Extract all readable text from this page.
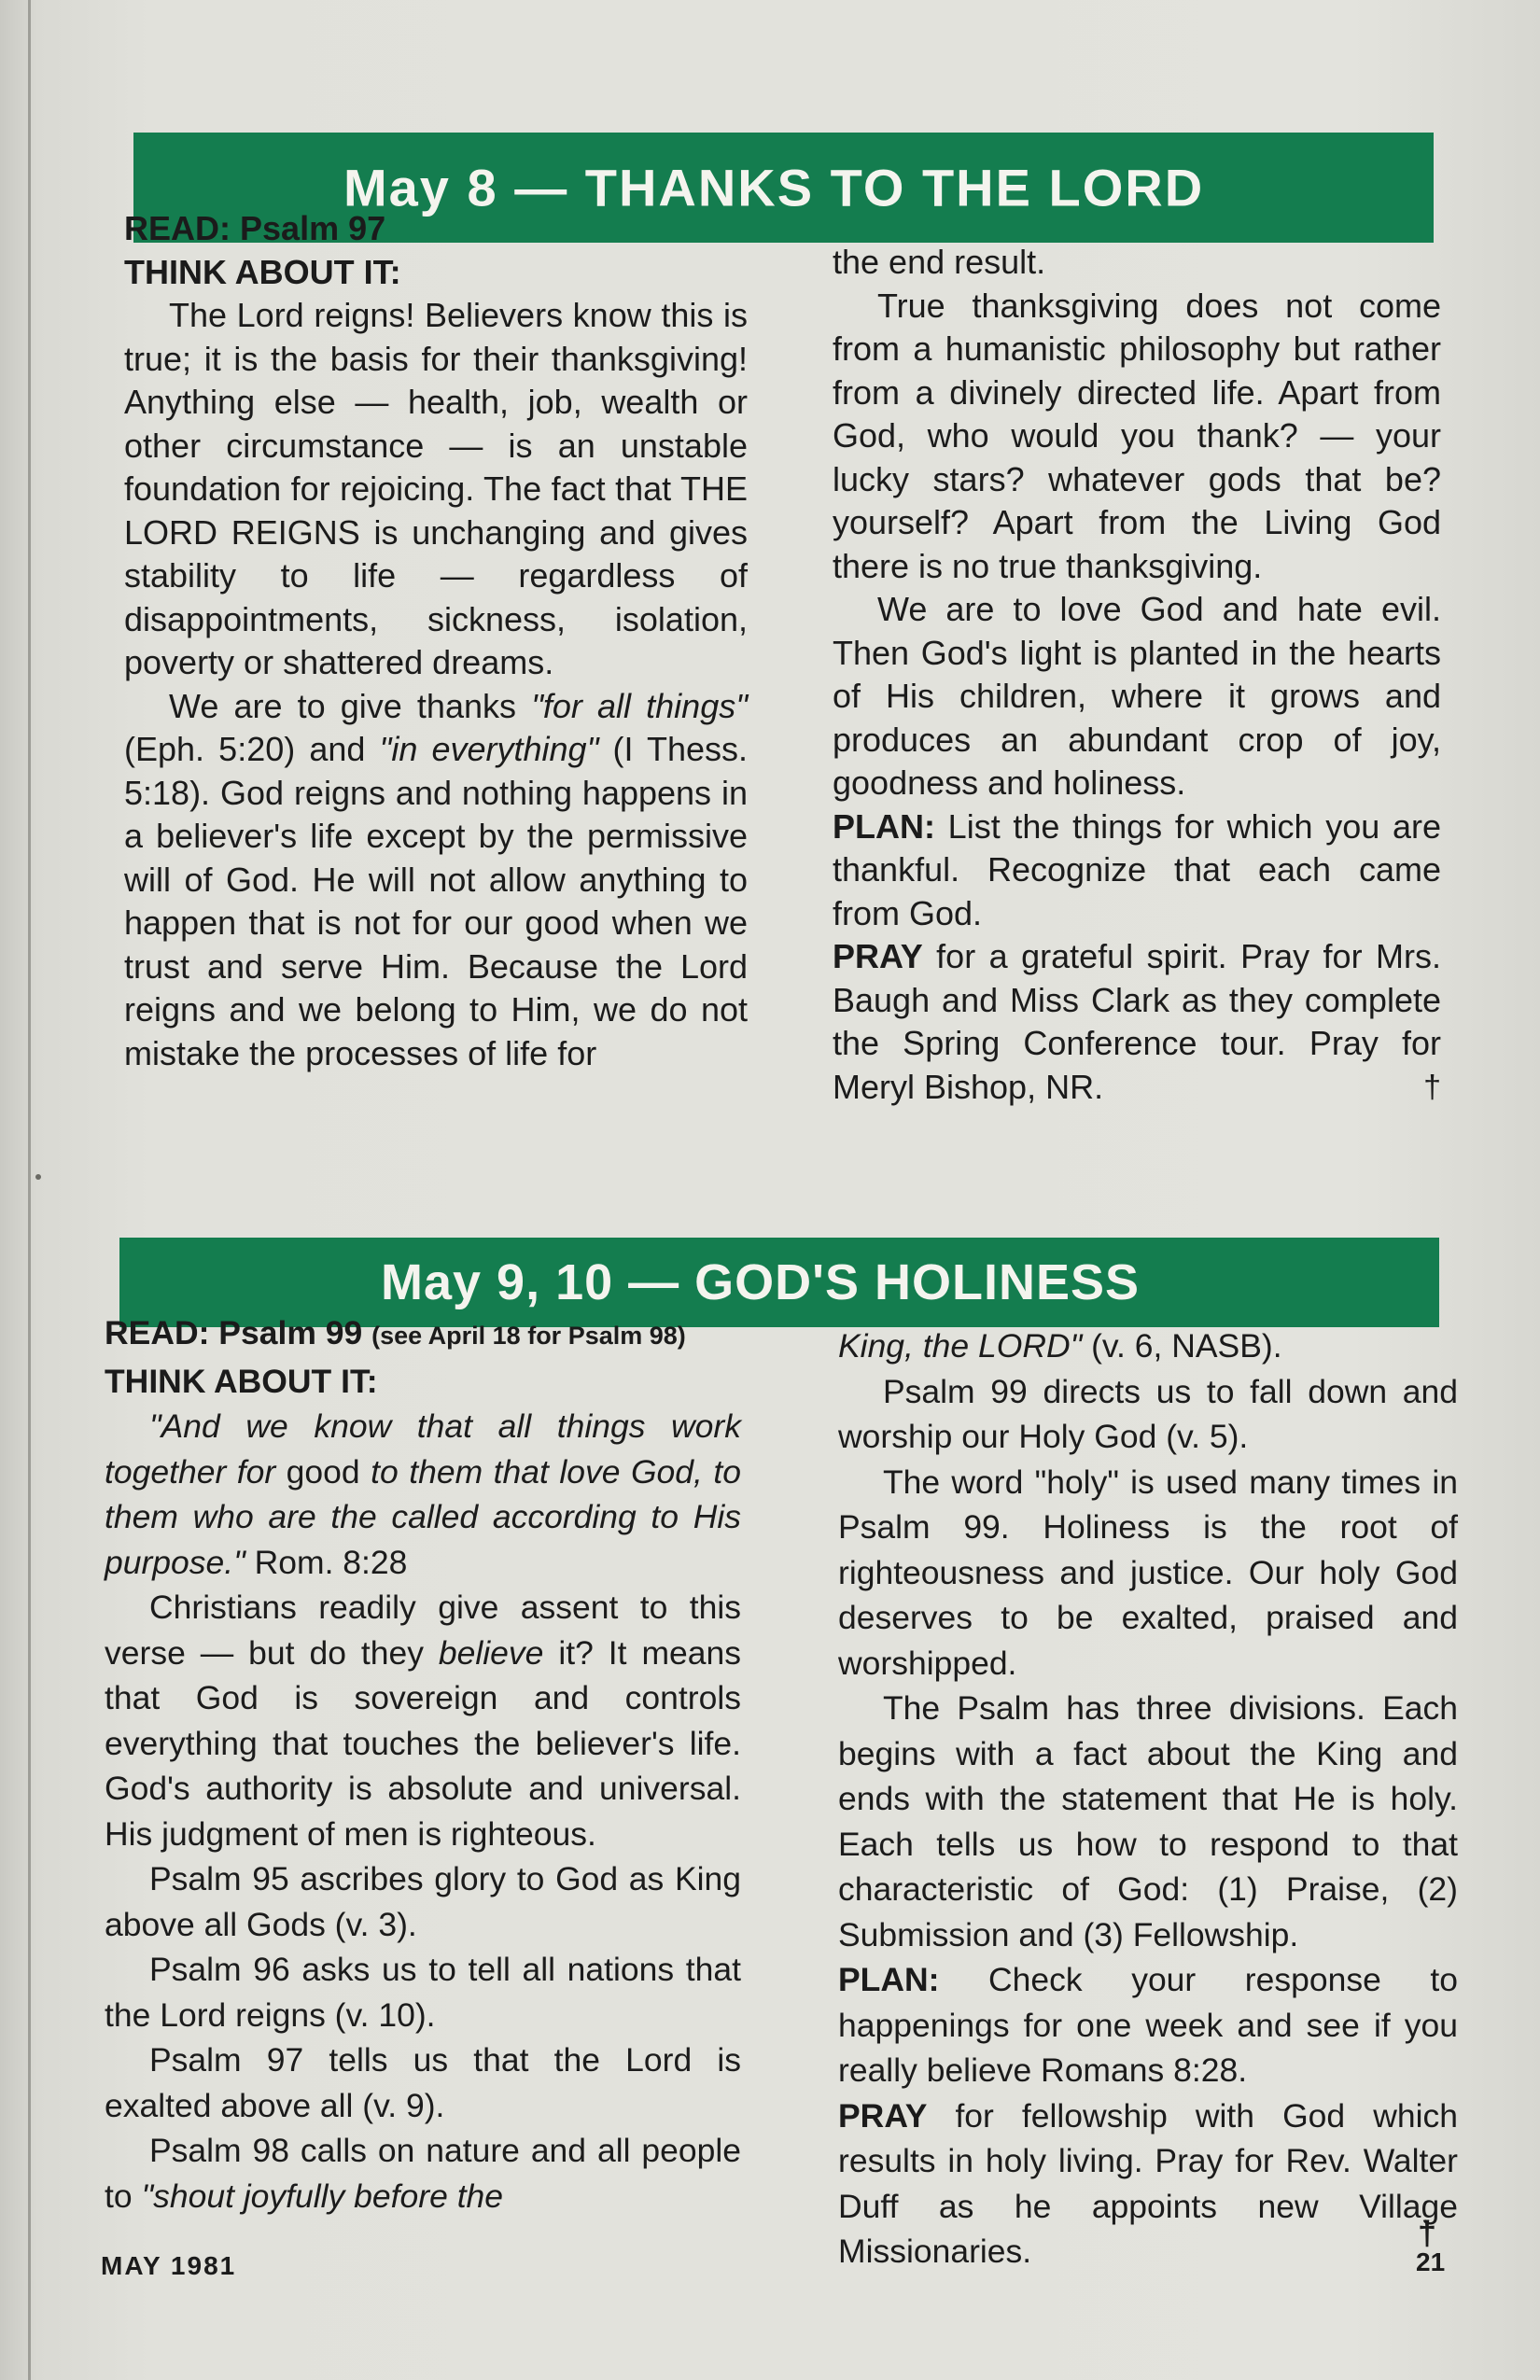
May 8 — THANKS TO THE LORD

READ: Psalm 97

THINK ABOUT IT:

The Lord reigns! Believers know this is true; it is the basis for their thanksgiving! Anything else — health, job, wealth or other circumstance — is an unstable foundation for rejoicing. The fact that THE LORD REIGNS is unchanging and gives stability to life — regardless of disappointments, sickness, isolation, poverty or shattered dreams.

We are to give thanks "for all things" (Eph. 5:20) and "in everything" (I Thess. 5:18). God reigns and nothing happens in a believer's life except by the permissive will of God. He will not allow anything to happen that is not for our good when we trust and serve Him. Because the Lord reigns and we belong to Him, we do not mistake the processes of life for

the end result.

True thanksgiving does not come from a humanistic philosophy but rather from a divinely directed life. Apart from God, who would you thank? — your lucky stars? whatever gods that be? yourself? Apart from the Living God there is no true thanksgiving.

We are to love God and hate evil. Then God's light is planted in the hearts of His children, where it grows and produces an abundant crop of joy, goodness and holiness.

PLAN: List the things for which you are thankful. Recognize that each came from God.

PRAY for a grateful spirit. Pray for Mrs. Baugh and Miss Clark as they complete the Spring Conference tour. Pray for Meryl Bishop, NR.	†

May 9, 10 — GOD'S HOLINESS

READ: Psalm 99 (see April 18 for Psalm 98)

THINK ABOUT IT:

"And we know that all things work together for good to them that love God, to them who are the called according to His purpose." Rom. 8:28

Christians readily give assent to this verse — but do they believe it? It means that God is sovereign and controls everything that touches the believer's life. God's authority is absolute and universal. His judgment of men is righteous.

Psalm 95 ascribes glory to God as King above all Gods (v. 3).

Psalm 96 asks us to tell all nations that the Lord reigns (v. 10).

Psalm 97 tells us that the Lord is exalted above all (v. 9).

Psalm 98 calls on nature and all people to "shout joyfully before the

King, the LORD" (v. 6, NASB).

Psalm 99 directs us to fall down and worship our Holy God (v. 5).

The word "holy" is used many times in Psalm 99. Holiness is the root of righteousness and justice. Our holy God deserves to be exalted, praised and worshipped.

The Psalm has three divisions. Each begins with a fact about the King and ends with the statement that He is holy. Each tells us how to respond to that characteristic of God: (1) Praise, (2) Submission and (3) Fellowship.

PLAN: Check your response to happenings for one week and see if you really believe Romans 8:28.

PRAY for fellowship with God which results in holy living. Pray for Rev. Walter Duff as he appoints new Village Missionaries.

MAY 1981
†
21
